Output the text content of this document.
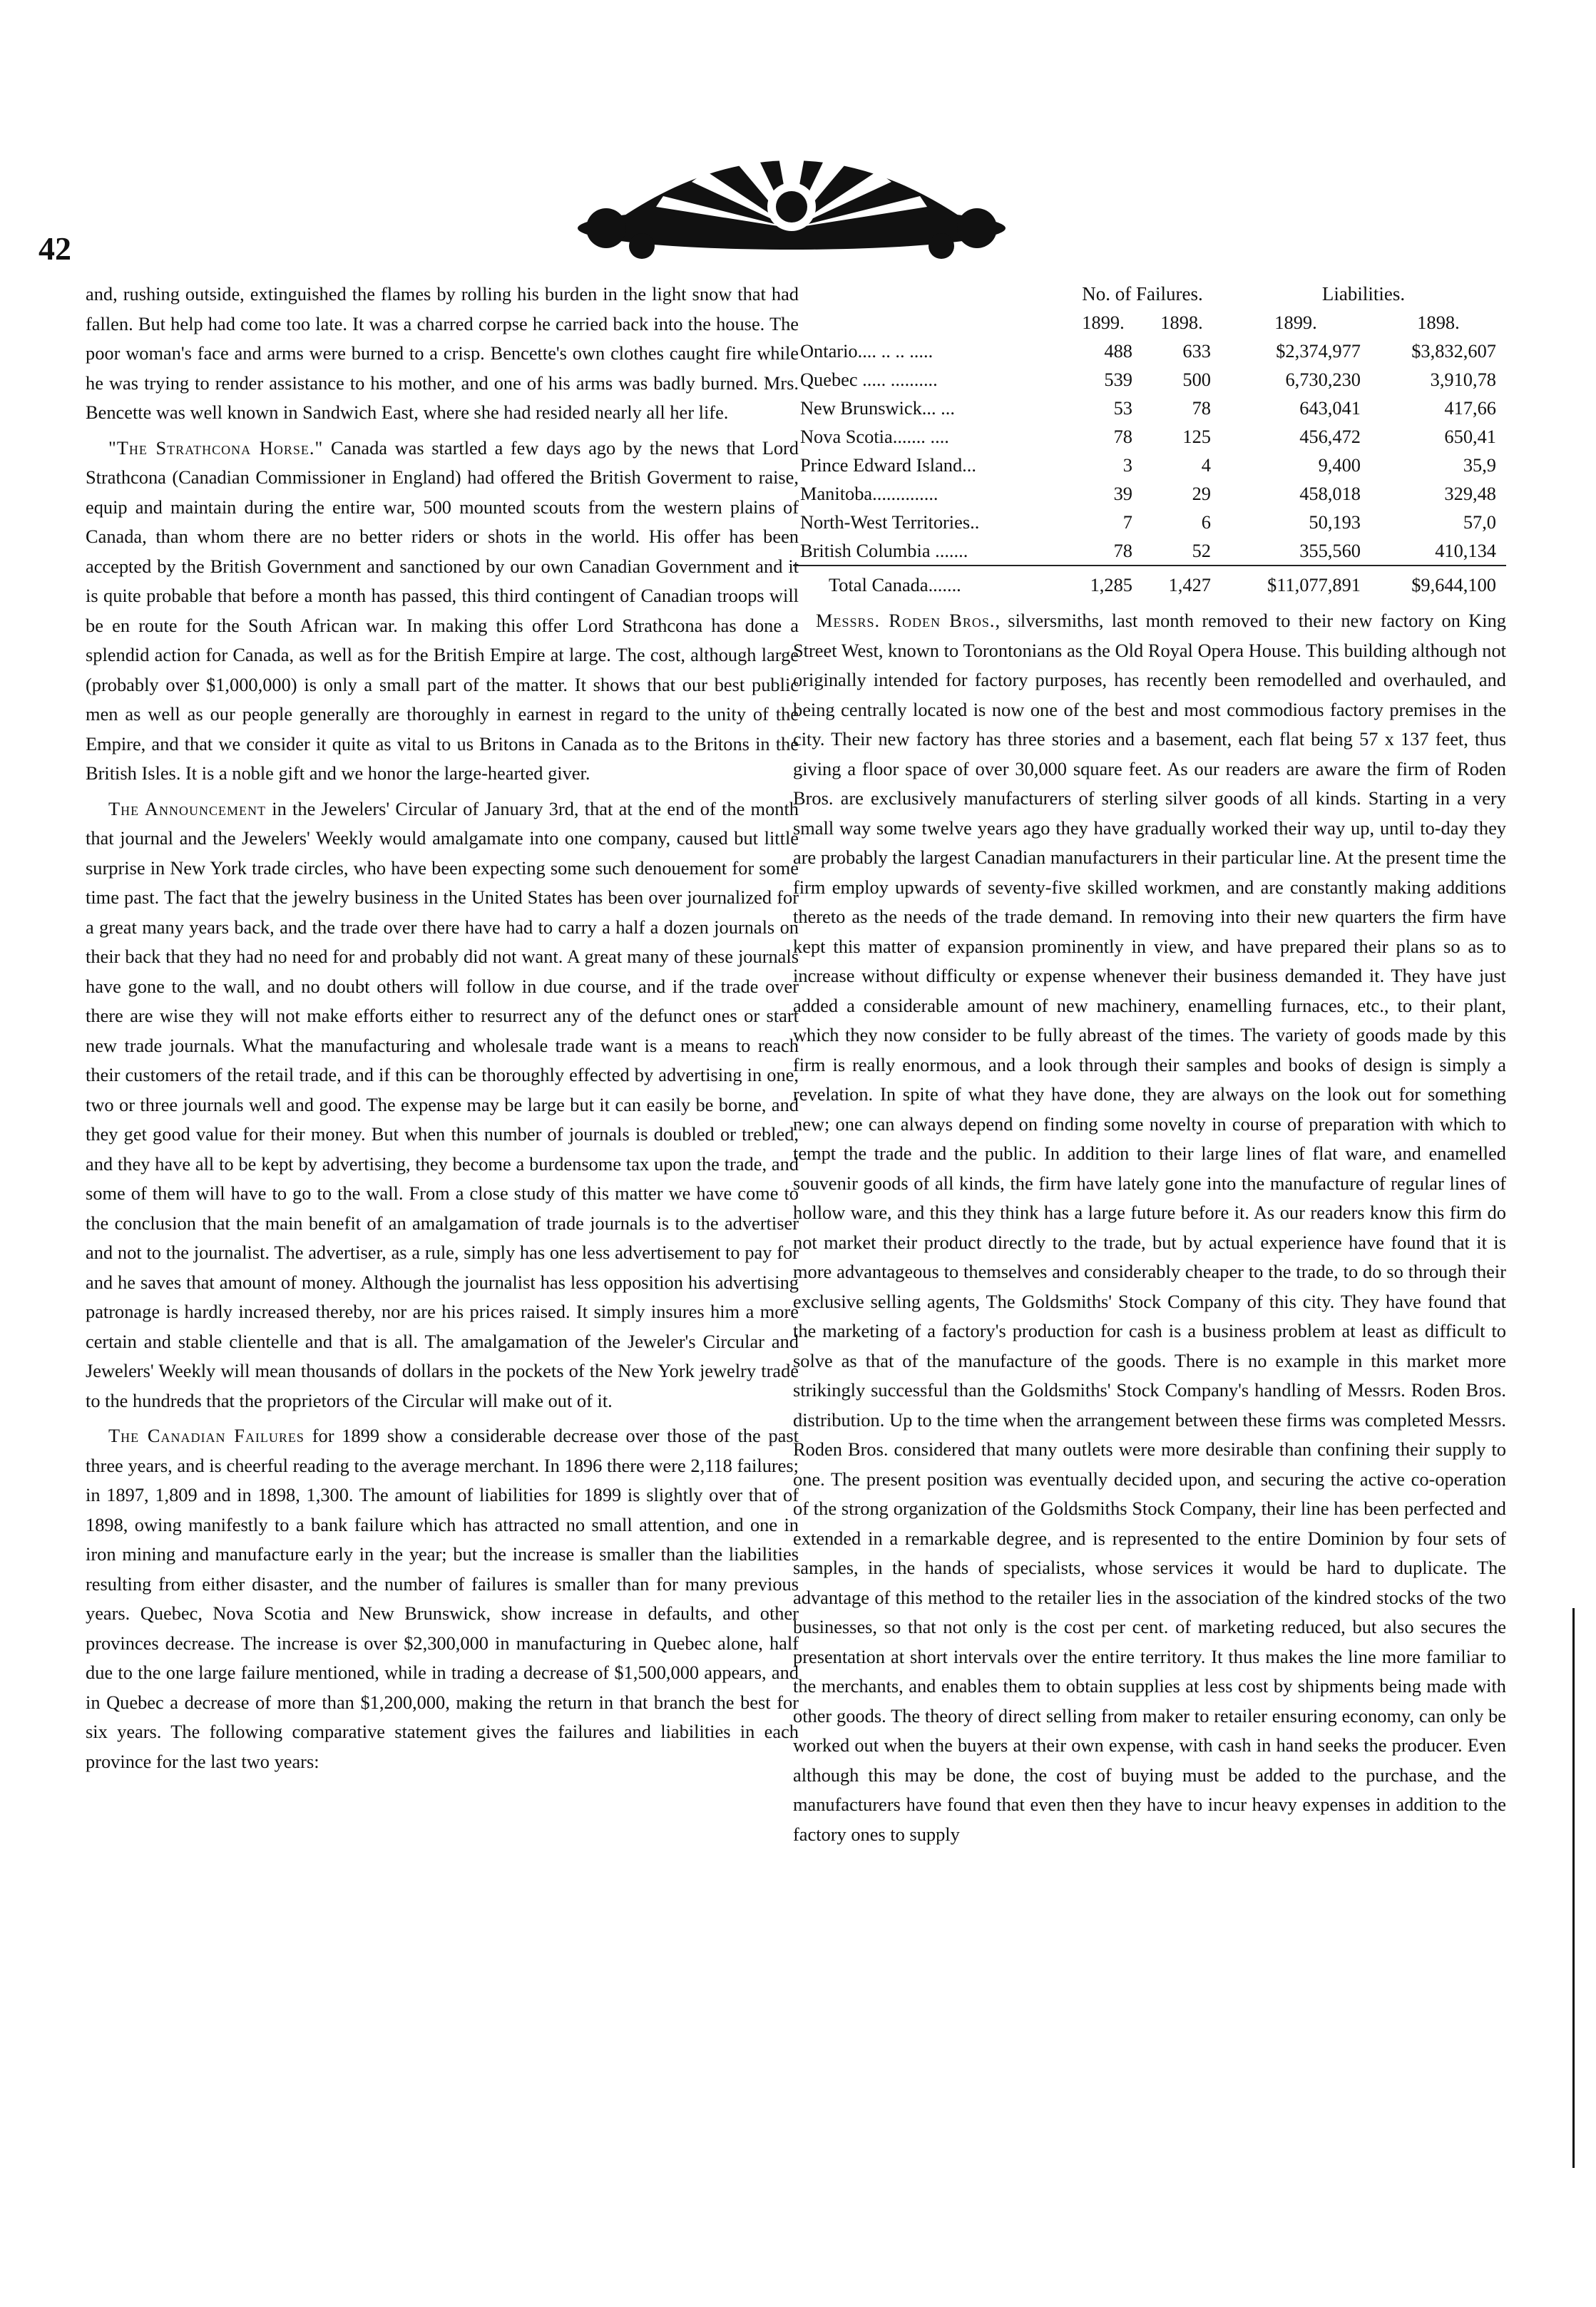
42

and, rushing outside, extinguished the flames by rolling his burden in the light snow that had fallen. But help had come too late. It was a charred corpse he carried back into the house. The poor woman's face and arms were burned to a crisp. Bencette's own clothes caught fire while he was trying to render assistance to his mother, and one of his arms was badly burned. Mrs. Bencette was well known in Sandwich East, where she had resided nearly all her life.

"The Strathcona Horse." Canada was startled a few days ago by the news that Lord Strathcona (Canadian Commissioner in England) had offered the British Goverment to raise, equip and maintain during the entire war, 500 mounted scouts from the western plains of Canada, than whom there are no better riders or shots in the world. His offer has been accepted by the British Government and sanctioned by our own Canadian Government and it is quite probable that before a month has passed, this third contingent of Canadian troops will be en route for the South African war. In making this offer Lord Strathcona has done a splendid action for Canada, as well as for the British Empire at large. The cost, although large (probably over $1,000,000) is only a small part of the matter. It shows that our best public men as well as our people generally are thoroughly in earnest in regard to the unity of the Empire, and that we consider it quite as vital to us Britons in Canada as to the Britons in the British Isles. It is a noble gift and we honor the large-hearted giver.

The Announcement in the Jewelers' Circular of January 3rd, that at the end of the month that journal and the Jewelers' Weekly would amalgamate into one company, caused but little surprise in New York trade circles, who have been expecting some such denouement for some time past. The fact that the jewelry business in the United States has been over journalized for a great many years back, and the trade over there have had to carry a half a dozen journals on their back that they had no need for and probably did not want. A great many of these journals have gone to the wall, and no doubt others will follow in due course, and if the trade over there are wise they will not make efforts either to resurrect any of the defunct ones or start new trade journals. What the manufacturing and wholesale trade want is a means to reach their customers of the retail trade, and if this can be thoroughly effected by advertising in one, two or three journals well and good. The expense may be large but it can easily be borne, and they get good value for their money. But when this number of journals is doubled or trebled, and they have all to be kept by advertising, they become a burdensome tax upon the trade, and some of them will have to go to the wall. From a close study of this matter we have come to the conclusion that the main benefit of an amalgamation of trade journals is to the advertiser and not to the journalist. The advertiser, as a rule, simply has one less advertisement to pay for and he saves that amount of money. Although the journalist has less opposition his advertising patronage is hardly increased thereby, nor are his prices raised. It simply insures him a more certain and stable clientelle and that is all. The amalgamation of the Jeweler's Circular and Jewelers' Weekly will mean thousands of dollars in the pockets of the New York jewelry trade to the hundreds that the proprietors of the Circular will make out of it.

The Canadian Failures for 1899 show a considerable decrease over those of the past three years, and is cheerful reading to the average merchant. In 1896 there were 2,118 failures; in 1897, 1,809 and in 1898, 1,300. The amount of liabilities for 1899 is slightly over that of 1898, owing manifestly to a bank failure which has attracted no small attention, and one in iron mining and manufacture early in the year; but the increase is smaller than the liabilities resulting from either disaster, and the number of failures is smaller than for many previous years. Quebec, Nova Scotia and New Brunswick, show increase in defaults, and other provinces decrease. The increase is over $2,300,000 in manufacturing in Quebec alone, half due to the one large failure mentioned, while in trading a decrease of $1,500,000 appears, and in Quebec a decrease of more than $1,200,000, making the return in that branch the best for six years. The following comparative statement gives the failures and liabilities in each province for the last two years:

	No. of Failures.		Liabilities.	
	1899.	1898.	1899.	1898.
Ontario.... .. .. .....	488	633	$2,374,977	$3,832,607
Quebec ..... ..........	539	500	6,730,230	3,910,78
New Brunswick... ...	53	78	643,041	417,66
Nova Scotia....... ....	78	125	456,472	650,41
Prince Edward Island...	3	4	9,400	35,9
Manitoba..............	39	29	458,018	329,48
North-West Territories..	7	6	50,193	57,0
British Columbia .......	78	52	355,560	410,134
Total Canada.......	1,285	1,427	$11,077,891	$9,644,100

Messrs. Roden Bros., silversmiths, last month removed to their new factory on King Street West, known to Torontonians as the Old Royal Opera House. This building although not originally intended for factory purposes, has recently been remodelled and overhauled, and being centrally located is now one of the best and most commodious factory premises in the city. Their new factory has three stories and a basement, each flat being 57 x 137 feet, thus giving a floor space of over 30,000 square feet. As our readers are aware the firm of Roden Bros. are exclusively manufacturers of sterling silver goods of all kinds. Starting in a very small way some twelve years ago they have gradually worked their way up, until to-day they are probably the largest Canadian manufacturers in their particular line. At the present time the firm employ upwards of seventy-five skilled workmen, and are constantly making additions thereto as the needs of the trade demand. In removing into their new quarters the firm have kept this matter of expansion prominently in view, and have prepared their plans so as to increase without difficulty or expense whenever their business demanded it. They have just added a considerable amount of new machinery, enamelling furnaces, etc., to their plant, which they now consider to be fully abreast of the times. The variety of goods made by this firm is really enormous, and a look through their samples and books of design is simply a revelation. In spite of what they have done, they are always on the look out for something new; one can always depend on finding some novelty in course of preparation with which to tempt the trade and the public. In addition to their large lines of flat ware, and enamelled souvenir goods of all kinds, the firm have lately gone into the manufacture of regular lines of hollow ware, and this they think has a large future before it. As our readers know this firm do not market their product directly to the trade, but by actual experience have found that it is more advantageous to themselves and considerably cheaper to the trade, to do so through their exclusive selling agents, The Goldsmiths' Stock Company of this city. They have found that the marketing of a factory's production for cash is a business problem at least as difficult to solve as that of the manufacture of the goods. There is no example in this market more strikingly successful than the Goldsmiths' Stock Company's handling of Messrs. Roden Bros. distribution. Up to the time when the arrangement between these firms was completed Messrs. Roden Bros. considered that many outlets were more desirable than confining their supply to one. The present position was eventually decided upon, and securing the active co-operation of the strong organization of the Goldsmiths Stock Company, their line has been perfected and extended in a remarkable degree, and is represented to the entire Dominion by four sets of samples, in the hands of specialists, whose services it would be hard to duplicate. The advantage of this method to the retailer lies in the association of the kindred stocks of the two businesses, so that not only is the cost per cent. of marketing reduced, but also secures the presentation at short intervals over the entire territory. It thus makes the line more familiar to the merchants, and enables them to obtain supplies at less cost by shipments being made with other goods. The theory of direct selling from maker to retailer ensuring economy, can only be worked out when the buyers at their own expense, with cash in hand seeks the producer. Even although this may be done, the cost of buying must be added to the purchase, and the manufacturers have found that even then they have to incur heavy expenses in addition to the factory ones to supply
